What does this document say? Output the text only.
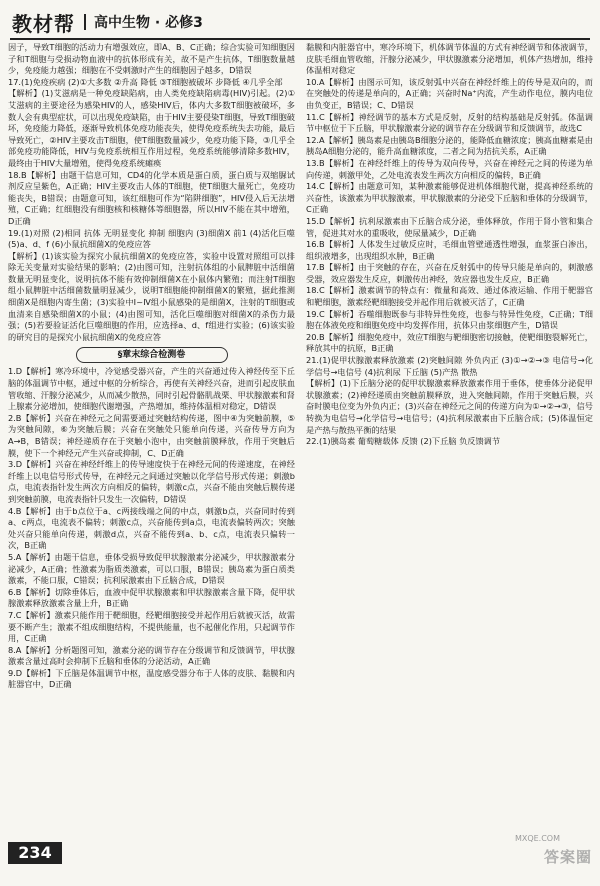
教材帮 高中生物 · 必修3

因子，导致T细胞的活动力有增强效应，即A、B、C正确；综合实验可知细胞因子和T细胞与受损动物血液中的抗体形成有关，故不是产生抗体，T细胞数量越少，免疫能力越强；细胞在不受刺激时产生的细胞因子越多，D错误

17.(1)免疫疾病 (2)①大多数 ②升高 降低 ③T细胞被破坏 步降低 ④几乎全部

【解析】(1)艾滋病是一种免疫缺陷病，由人类免疫缺陷病毒(HIV)引起。(2)①艾滋病的主要途径为感染HIV的人，感染HIV后，体内大多数T细胞被破坏，多数人会有典型症状，可以出现免疫缺陷，由于HIV主要侵染T细胞，导致T细胞破坏，免疫能力降低，逐渐导致机体免疫功能丧失，使得免疫系统失去功能，最后导致死亡，②HIV主要攻击T细胞，使T细胞数量减少，免疫功能下降，③几乎全部免疫功能降低，HIV与免疫系统相互作用过程，免疫系统能够清除多数HIV，最终由于HIV大量增殖，使得免疫系统瘫痪

18.B【解析】由题干信息可知，CD4的化学本质是蛋白质，蛋白质与双缩脲试剂反应呈紫色，A正确；HIV主要攻击人体的T细胞，使T细胞大量死亡，免疫功能丧失，B错误；由题意可知，该红细胞可作为“陷阱细胞”，HIV侵入后无法增殖，C正确；红细胞没有细胞核和核糖体等细胞器，所以HIV不能在其中增殖，D正确

19.(1)对照 (2)相同 抗体 无明显变化 抑制 细胞内 (3)细菌X 前1 (4)活化巨噬 (5)a、d、f (6)小鼠抗细菌X的免疫应答

【解析】(1)该实验为探究小鼠抗细菌X的免疫应答，实验中设置对照组可以排除无关变量对实验结果的影响；(2)由图可知，注射抗体组的小鼠脾脏中活细菌数量无明显变化，说明抗体不能有效抑制细菌X在小鼠体内繁殖；而注射T细胞组小鼠脾脏中活细菌数量明显减少，说明T细胞能抑制细菌X的繁殖，据此推测细菌X是细胞内寄生菌；(3)实验中Ⅰ~Ⅳ组小鼠感染的是细菌X，注射的T细胞或血清来自感染细菌X的小鼠；(4)由图可知，活化巨噬细胞对细菌X的杀伤力最强；(5)若要验证活化巨噬细胞的作用，应选择a、d、f组进行实验；(6)该实验的研究目的是探究小鼠抗细菌X的免疫应答

§章末综合检测卷

1.D【解析】寒冷环境中，冷觉感受器兴奋，产生的兴奋通过传入神经传至下丘脑的体温调节中枢，通过中枢的分析综合，再使有关神经兴奋，进而引起皮肤血管收缩、汗腺分泌减少，从而减少散热，同时引起骨骼肌战栗、甲状腺激素和肾上腺素分泌增加，使细胞代谢增强，产热增加，维持体温相对稳定，D错误

2.B【解析】兴奋在神经元之间需要通过突触结构传递，图中④为突触前膜，⑤为突触间隙，⑥为突触后膜；兴奋在突触处只能单向传递，兴奋传导方向为A→B，B错误；神经递质存在于突触小泡中，由突触前膜释放，作用于突触后膜，使下一个神经元产生兴奋或抑制，C、D正确

3.D【解析】兴奋在神经纤维上的传导速度快于在神经元间的传递速度，在神经纤维上以电信号形式传导，在神经元之间通过突触以化学信号形式传递；刺激b点，电流表指针发生两次方向相反的偏转，刺激c点，兴奋不能由突触后膜传递到突触前膜，电流表指针只发生一次偏转，D错误

4.B【解析】由于b点位于a、c两接线端之间的中点，刺激b点，兴奋同时传到a、c两点，电流表不偏转；刺激c点，兴奋能传到a点，电流表偏转两次；突触处兴奋只能单向传递，刺激d点，兴奋不能传到a、b、c点，电流表只偏转一次，B正确

5.A【解析】由题干信息，垂体受损导致促甲状腺激素分泌减少，甲状腺激素分泌减少，A正确；性激素为脂质类激素，可以口服，B错误；胰岛素为蛋白质类激素，不能口服，C错误；抗利尿激素由下丘脑合成，D错误

6.B【解析】切除垂体后，血液中促甲状腺激素和甲状腺激素含量下降，促甲状腺激素释放激素含量上升，B正确

7.C【解析】激素只能作用于靶细胞，经靶细胞接受并起作用后就被灭活，故需要不断产生；激素不组成细胞结构，不提供能量，也不起催化作用，只起调节作用，C正确

8.A【解析】分析题图可知，激素分泌的调节存在分级调节和反馈调节，甲状腺激素含量过高时会抑制下丘脑和垂体的分泌活动，A正确

9.D【解析】下丘脑是体温调节中枢，温度感受器分布于人体的皮肤、黏膜和内脏器官中，D正确

黏膜和内脏器官中，寒冷环境下，机体调节体温的方式有神经调节和体液调节，皮肤毛细血管收缩，汗腺分泌减少，甲状腺激素分泌增加，机体产热增加，维持体温相对稳定

10.A【解析】由图示可知，该反射弧中兴奋在神经纤维上的传导是双向的，而在突触处的传递是单向的，A正确；兴奋时Na⁺内流，产生动作电位，膜内电位由负变正，B错误；C、D错误

11.C【解析】神经调节的基本方式是反射，反射的结构基础是反射弧。体温调节中枢位于下丘脑，甲状腺激素分泌的调节存在分级调节和反馈调节，故选C

12.A【解析】胰岛素是由胰岛B细胞分泌的，能降低血糖浓度；胰高血糖素是由胰岛A细胞分泌的，能升高血糖浓度，二者之间为拮抗关系，A正确

13.B【解析】在神经纤维上的传导为双向传导，兴奋在神经元之间的传递为单向传递，刺激甲处，乙处电流表发生两次方向相反的偏转，B正确

14.C【解析】由题意可知，某种激素能够促进机体细胞代谢，提高神经系统的兴奋性，该激素为甲状腺激素，甲状腺激素的分泌受下丘脑和垂体的分级调节，C正确

15.D【解析】抗利尿激素由下丘脑合成分泌，垂体释放，作用于肾小管和集合管，促进其对水的重吸收，使尿量减少，D正确

16.B【解析】人体发生过敏反应时，毛细血管壁通透性增强，血浆蛋白渗出，组织液增多，出现组织水肿，B正确

17.B【解析】由于突触的存在，兴奋在反射弧中的传导只能是单向的，刺激感受器，效应器发生反应，刺激传出神经，效应器也发生反应，B正确

18.C【解析】激素调节的特点有：微量和高效、通过体液运输、作用于靶器官和靶细胞，激素经靶细胞接受并起作用后就被灭活了，C正确

19.C【解析】吞噬细胞既参与非特异性免疫，也参与特异性免疫，C正确；T细胞在体液免疫和细胞免疫中均发挥作用，抗体只由浆细胞产生，D错误

20.B【解析】细胞免疫中，效应T细胞与靶细胞密切接触，使靶细胞裂解死亡，释放其中的抗原，B正确

21.(1)促甲状腺激素释放激素 (2)突触间隙 外负内正 (3)①→②→③ 电信号→化学信号→电信号 (4)抗利尿 下丘脑 (5)产热 散热

【解析】(1)下丘脑分泌的促甲状腺激素释放激素作用于垂体，使垂体分泌促甲状腺激素；(2)神经递质由突触前膜释放，进入突触间隙，作用于突触后膜，兴奋时膜电位变为外负内正；(3)兴奋在神经元之间的传递方向为①→②→③，信号转换为电信号→化学信号→电信号；(4)抗利尿激素由下丘脑合成；(5)体温恒定是产热与散热平衡的结果

22.(1)胰岛素 葡萄糖载体 反馈 (2)下丘脑 负反馈调节

234
MXQE.COM
答案圈
